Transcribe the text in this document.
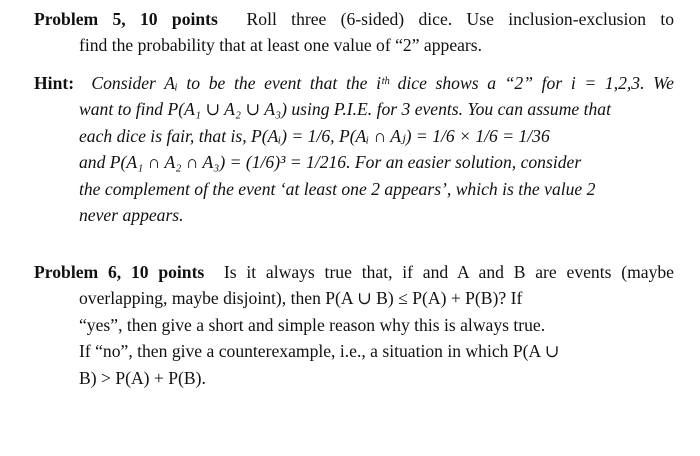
Problem 5, 10 points Roll three (6-sided) dice. Use inclusion-exclusion to
find the probability that at least one value of “2” appears.
Hint: Consider Aᵢ to be the event that the iᵗʰ dice shows a “2” for i = 1,2,3. We
want to find P(A₁ ∪ A₂ ∪ A₃) using P.I.E. for 3 events. You can assume that
each dice is fair, that is, P(Aᵢ) = 1/6, P(Aᵢ ∩ Aⱼ) = 1/6 × 1/6 = 1/36
and P(A₁ ∩ A₂ ∩ A₃) = (1/6)³ = 1/216. For an easier solution, consider
the complement of the event ‘at least one 2 appears’, which is the value 2
never appears.
Problem 6, 10 points Is it always true that, if and A and B are events (maybe
overlapping, maybe disjoint), then P(A ∪ B) ≤ P(A) + P(B)? If
“yes”, then give a short and simple reason why this is always true.
If “no”, then give a counterexample, i.e., a situation in which P(A ∪
B) > P(A) + P(B).
